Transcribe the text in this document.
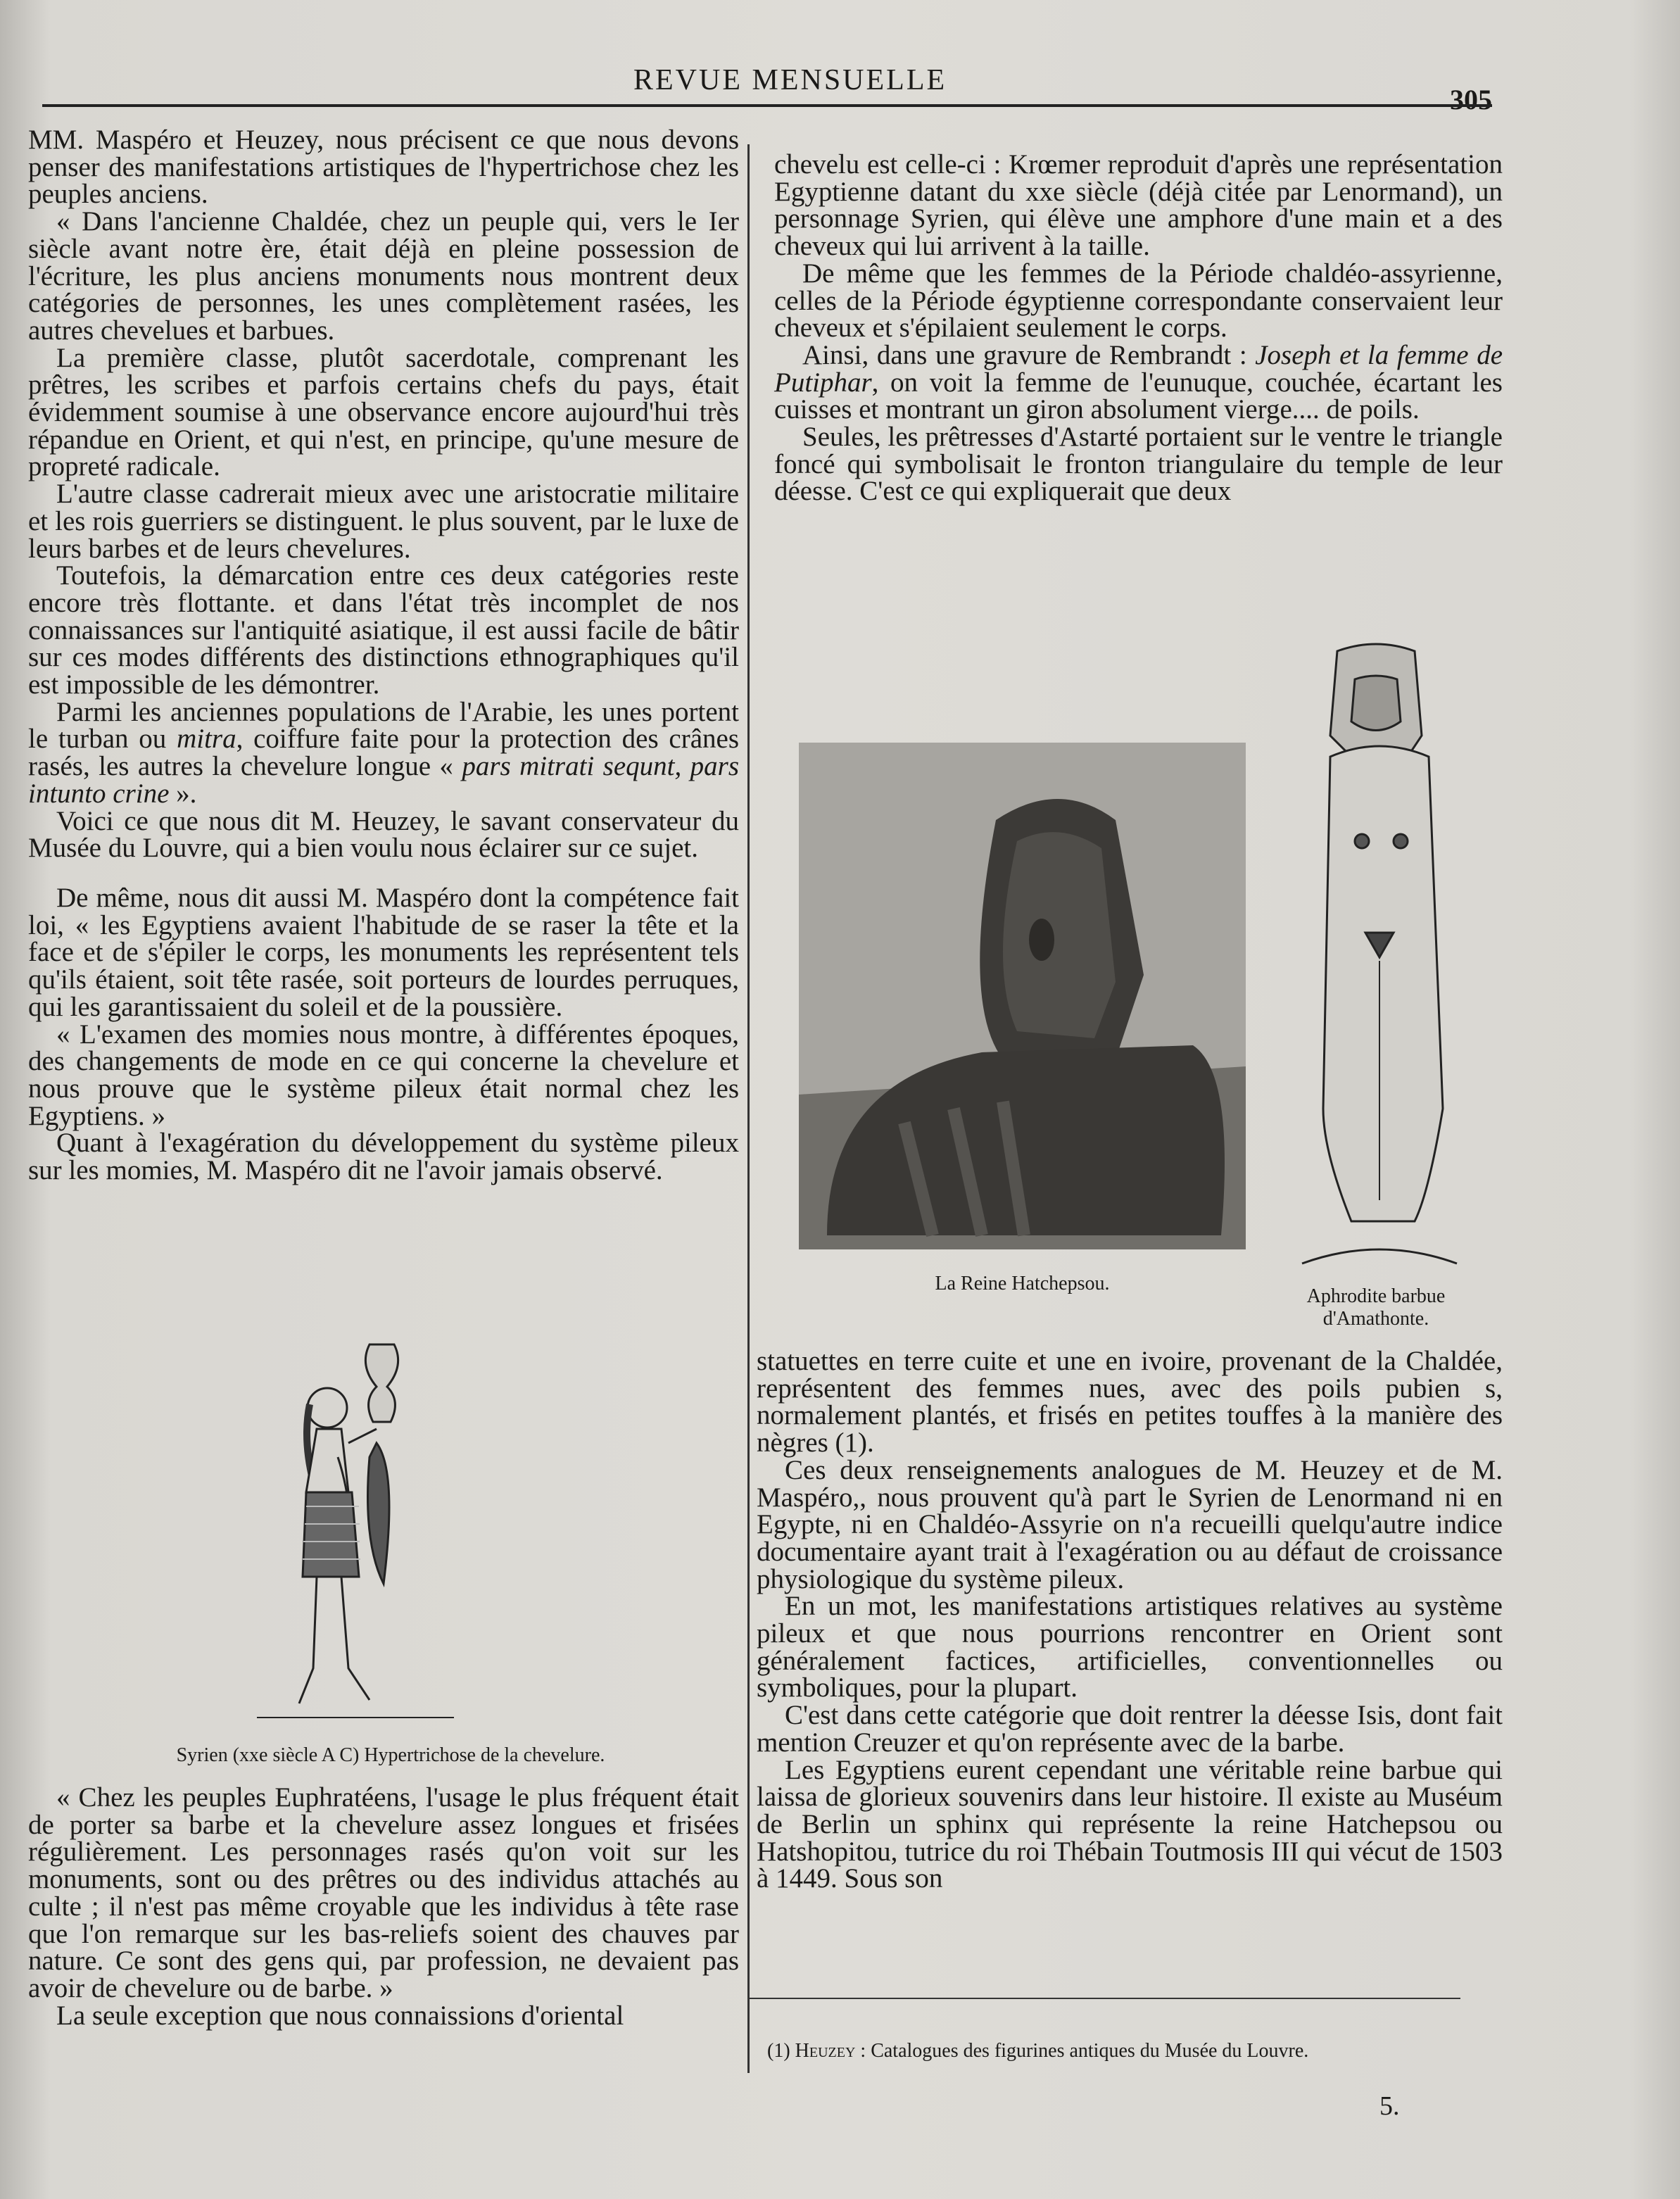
REVUE MENSUELLE
305

MM. Maspéro et Heuzey, nous précisent ce que nous devons penser des manifestations artistiques de l'hypertrichose chez les peuples anciens.

« Dans l'ancienne Chaldée, chez un peuple qui, vers le Ier siècle avant notre ère, était déjà en pleine possession de l'écriture, les plus anciens monuments nous montrent deux catégories de personnes, les unes complètement rasées, les autres chevelues et barbues.

La première classe, plutôt sacerdotale, comprenant les prêtres, les scribes et parfois certains chefs du pays, était évidemment soumise à une observance encore aujourd'hui très répandue en Orient, et qui n'est, en principe, qu'une mesure de propreté radicale.

L'autre classe cadrerait mieux avec une aristocratie militaire et les rois guerriers se distinguent. le plus souvent, par le luxe de leurs barbes et de leurs chevelures.

Toutefois, la démarcation entre ces deux catégories reste encore très flottante. et dans l'état très incomplet de nos connaissances sur l'antiquité asiatique, il est aussi facile de bâtir sur ces modes différents des distinctions ethnographiques qu'il est impossible de les démontrer.

Parmi les anciennes populations de l'Arabie, les unes portent le turban ou mitra, coiffure faite pour la protection des crânes rasés, les autres la chevelure longue « pars mitrati sequnt, pars intunto crine ».

Voici ce que nous dit M. Heuzey, le savant conservateur du Musée du Louvre, qui a bien voulu nous éclairer sur ce sujet.

De même, nous dit aussi M. Maspéro dont la compétence fait loi, « les Egyptiens avaient l'habitude de se raser la tête et la face et de s'épiler le corps, les monuments les représentent tels qu'ils étaient, soit tête rasée, soit porteurs de lourdes perruques, qui les garantissaient du soleil et de la poussière.

« L'examen des momies nous montre, à différentes époques, des changements de mode en ce qui concerne la chevelure et nous prouve que le système pileux était normal chez les Egyptiens. »

Quant à l'exagération du développement du système pileux sur les momies, M. Maspéro dit ne l'avoir jamais observé.

Syrien (xxe siècle A C) Hypertrichose de la chevelure.

« Chez les peuples Euphratéens, l'usage le plus fréquent était de porter sa barbe et la chevelure assez longues et frisées régulièrement. Les personnages rasés qu'on voit sur les monuments, sont ou des prêtres ou des individus attachés au culte ; il n'est pas même croyable que les individus à tête rase que l'on remarque sur les bas-reliefs soient des chauves par nature. Ce sont des gens qui, par profession, ne devaient pas avoir de chevelure ou de barbe. »

La seule exception que nous connaissions d'oriental

chevelu est celle-ci : Krœmer reproduit d'après une représentation Egyptienne datant du xxe siècle (déjà citée par Lenormand), un personnage Syrien, qui élève une amphore d'une main et a des cheveux qui lui arrivent à la taille.

De même que les femmes de la Période chaldéo-assyrienne, celles de la Période égyptienne correspondante conservaient leur cheveux et s'épilaient seulement le corps.

Ainsi, dans une gravure de Rembrandt : Joseph et la femme de Putiphar, on voit la femme de l'eunuque, couchée, écartant les cuisses et montrant un giron absolument vierge.... de poils.

Seules, les prêtresses d'Astarté portaient sur le ventre le triangle foncé qui symbolisait le fronton triangulaire du temple de leur déesse. C'est ce qui expliquerait que deux

La Reine Hatchepsou.
Aphrodite barbue
d'Amathonte.

statuettes en terre cuite et une en ivoire, provenant de la Chaldée, représentent des femmes nues, avec des poils pubien s, normalement plantés, et frisés en petites touffes à la manière des nègres (1).

Ces deux renseignements analogues de M. Heuzey et de M. Maspéro,, nous prouvent qu'à part le Syrien de Lenormand ni en Egypte, ni en Chaldéo-Assyrie on n'a recueilli quelqu'autre indice documentaire ayant trait à l'exagération ou au défaut de croissance physiologique du système pileux.

En un mot, les manifestations artistiques relatives au système pileux et que nous pourrions rencontrer en Orient sont généralement factices, artificielles, conventionnelles ou symboliques, pour la plupart.

C'est dans cette catégorie que doit rentrer la déesse Isis, dont fait mention Creuzer et qu'on représente avec de la barbe.

Les Egyptiens eurent cependant une véritable reine barbue qui laissa de glorieux souvenirs dans leur histoire. Il existe au Muséum de Berlin un sphinx qui représente la reine Hatchepsou ou Hatshopitou, tutrice du roi Thébain Toutmosis III qui vécut de 1503 à 1449. Sous son

(1) Heuzey : Catalogues des figurines antiques du Musée du Louvre.
5.
